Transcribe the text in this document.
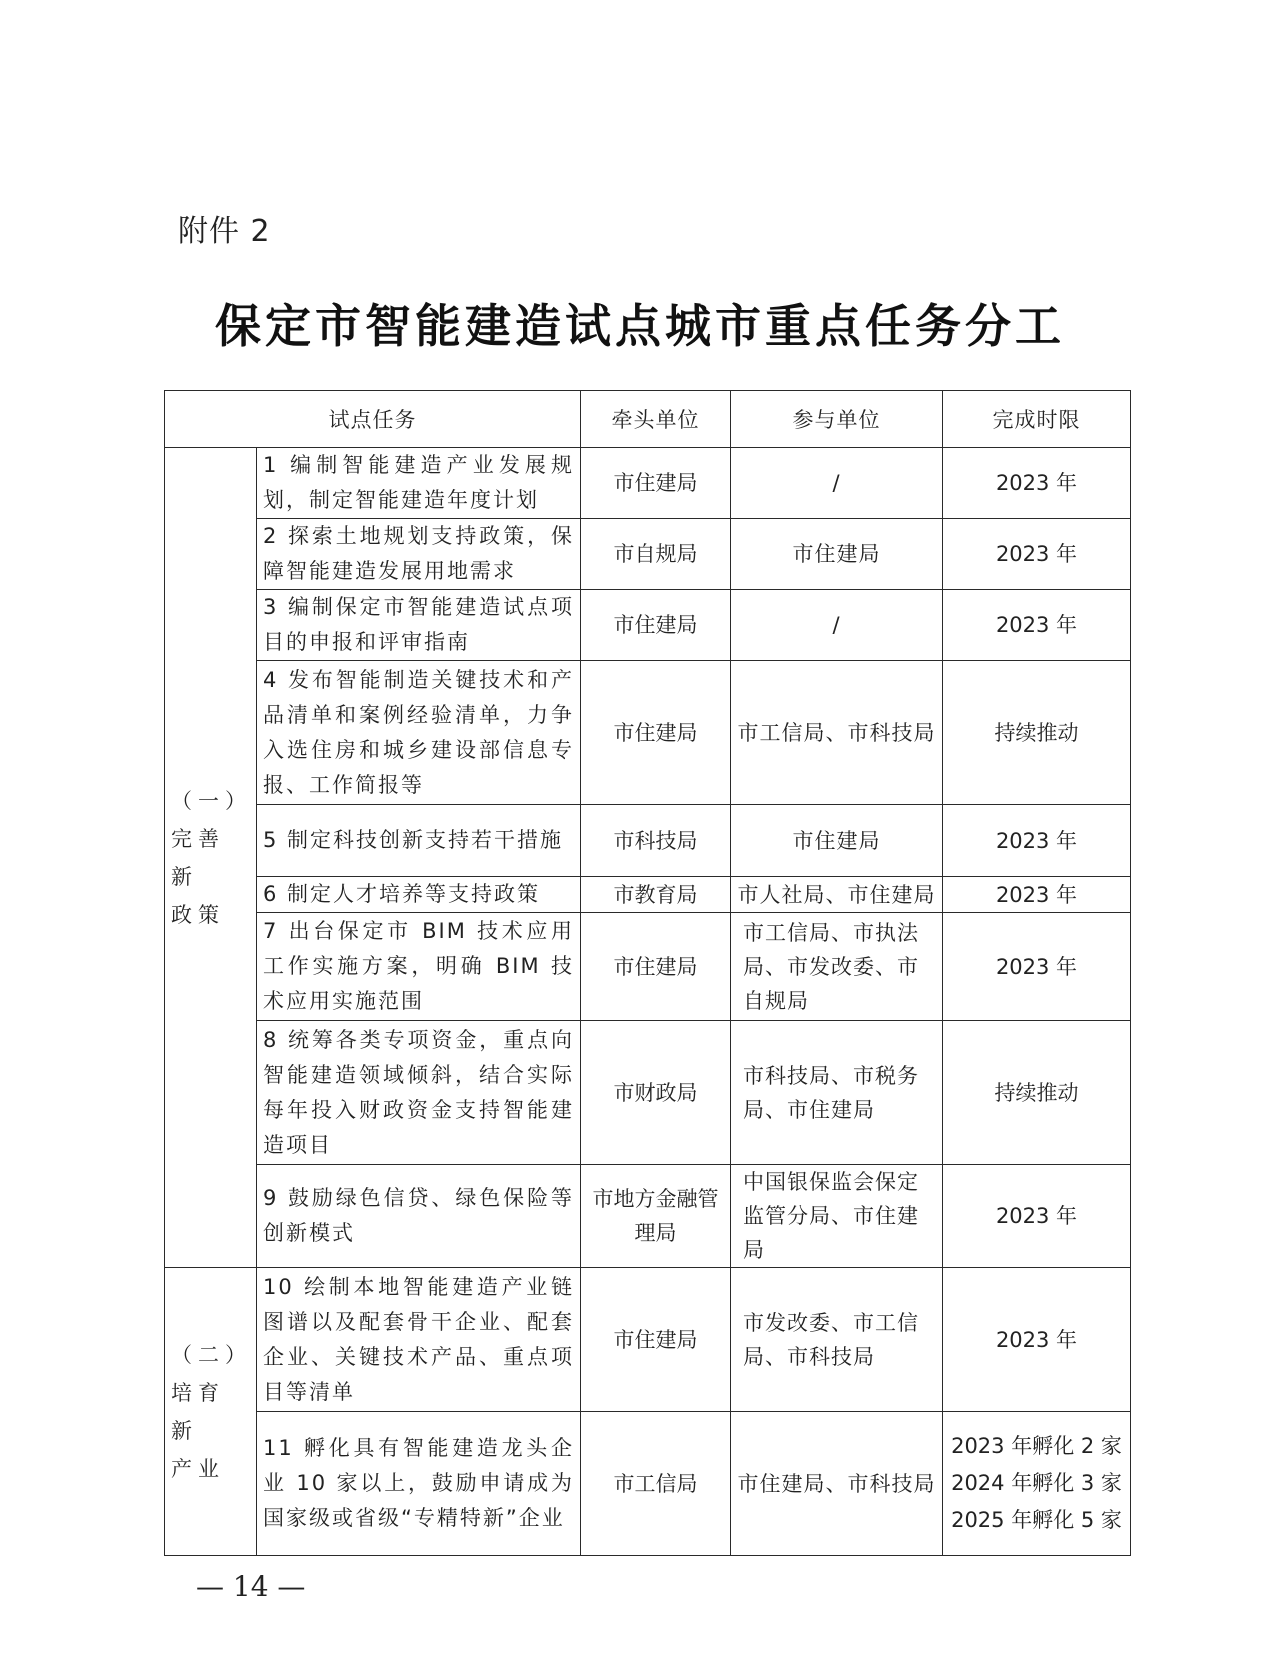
附件 2
保定市智能建造试点城市重点任务分工
试点任务		牵头单位	参与单位	完成时限
（一）
完善新
政策	1 编制智能建造产业发展规划，制定智能建造年度计划	市住建局	/	2023 年
	2 探索土地规划支持政策，保障智能建造发展用地需求	市自规局	市住建局	2023 年
	3 编制保定市智能建造试点项目的申报和评审指南	市住建局	/	2023 年
	4 发布智能制造关键技术和产品清单和案例经验清单，力争入选住房和城乡建设部信息专报、工作简报等	市住建局	市工信局、市科技局	持续推动
	5 制定科技创新支持若干措施	市科技局	市住建局	2023 年
	6 制定人才培养等支持政策	市教育局	市人社局、市住建局	2023 年
	7 出台保定市 BIM 技术应用工作实施方案，明确 BIM 技术应用实施范围	市住建局	市工信局、市执法局、市发改委、市自规局	2023 年
	8 统筹各类专项资金，重点向智能建造领域倾斜，结合实际每年投入财政资金支持智能建造项目	市财政局	市科技局、市税务局、市住建局	持续推动
	9 鼓励绿色信贷、绿色保险等创新模式	市地方金融管理局	中国银保监会保定监管分局、市住建局	2023 年
（二）
培育新
产业	10 绘制本地智能建造产业链图谱以及配套骨干企业、配套企业、关键技术产品、重点项目等清单	市住建局	市发改委、市工信局、市科技局	2023 年
	11 孵化具有智能建造龙头企业 10 家以上，鼓励申请成为国家级或省级“专精特新”企业	市工信局	市住建局、市科技局	2023 年孵化 2 家
2024 年孵化 3 家
2025 年孵化 5 家
— 14 —
